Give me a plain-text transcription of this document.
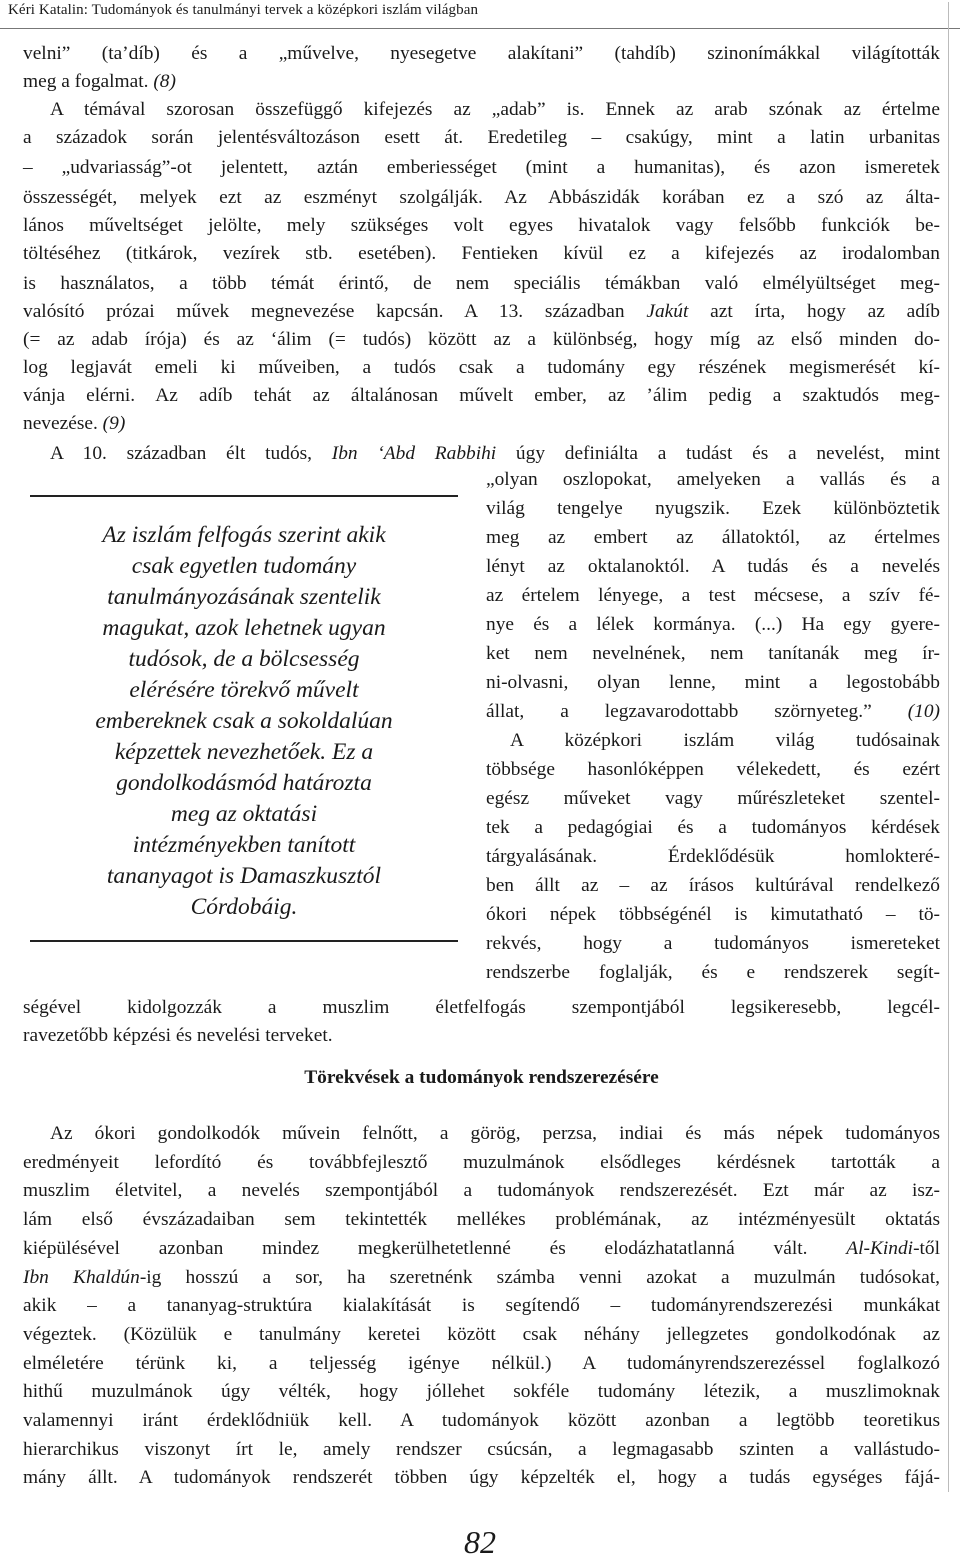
Kéri Katalin: Tudományok és tanulmányi tervek a középkori iszlám világban
velni” (ta’díb) és a „művelve, nyesegetve alakítani” (tahdíb) szinonímákkal világították
meg a fogalmat. (8)
A témával szorosan összefüggő kifejezés az „adab” is. Ennek az arab szónak az értelme
a századok során jelentésváltozáson esett át. Eredetileg – csakúgy, mint a latin urbanitas
– „udvariasság”-ot jelentett, aztán emberiességet (mint a humanitas), és azon ismeretek
összességét, melyek ezt az eszményt szolgálják. Az Abbászidák korában ez a szó az álta-
lános műveltséget jelölte, mely szükséges volt egyes hivatalok vagy felsőbb funkciók be-
töltéséhez (titkárok, vezírek stb. esetében). Fentieken kívül ez a kifejezés az irodalomban
is használatos, a több témát érintő, de nem speciális témákban való elmélyültséget meg-
valósító prózai művek megnevezése kapcsán. A 13. században Jakút azt írta, hogy az adíb
(= az adab írója) és az ‘álim (= tudós) között az a különbség, hogy míg az első minden do-
log legjavát emeli ki műveiben, a tudós csak a tudomány egy részének megismerését kí-
vánja elérni. Az adíb tehát az általánosan művelt ember, az ’álim pedig a szaktudós meg-
nevezése. (9)
A 10. században élt tudós, Ibn ‘Abd Rabbihi úgy definiálta a tudást és a nevelést, mint
„olyan oszlopokat, amelyeken a vallás és a
világ tengelye nyugszik. Ezek különböztetik
meg az embert az állatoktól, az értelmes
lényt az oktalanoktól. A tudás és a nevelés
az értelem lényege, a test mécsese, a szív fé-
nye és a lélek kormánya. (...) Ha egy gyere-
ket nem nevelnének, nem tanítanák meg ír-
ni-olvasni, olyan lenne, mint a legostobább
állat, a legzavarodottabb szörnyeteg.” (10)
A középkori iszlám világ tudósainak
többsége hasonlóképpen vélekedett, és ezért
egész műveket vagy műrészleteket szentel-
tek a pedagógiai és a tudományos kérdések
tárgyalásának. Érdeklődésük homlokteré-
ben állt az – az írásos kultúrával rendelkező
ókori népek többségénél is kimutatható – tö-
rekvés, hogy a tudományos ismereteket
rendszerbe foglalják, és e rendszerek segít-
ségével kidolgozzák a muszlim életfelfogás szempontjából legsikeresebb, legcél-
ravezetőbb képzési és nevelési terveket.
Az iszlám felfogás szerint akik
csak egyetlen tudomány
tanulmányozásának szentelik
magukat, azok lehetnek ugyan
tudósok, de a bölcsesség
elérésére törekvő művelt
embereknek csak a sokoldalúan
képzettek nevezhetőek. Ez a
gondolkodásmód határozta
meg az oktatási
intézményekben tanított
tananyagot is Damaszkusztól
Córdobáig.
Törekvések a tudományok rendszerezésére
Az ókori gondolkodók művein felnőtt, a görög, perzsa, indiai és más népek tudományos
eredményeit lefordító és továbbfejlesztő muzulmánok elsődleges kérdésnek tartották a
muszlim életvitel, a nevelés szempontjából a tudományok rendszerezését. Ezt már az isz-
lám első évszázadaiban sem tekintették mellékes problémának, az intézményesült oktatás
kiépülésével azonban mindez megkerülhetetlenné és elodázhatatlanná vált. Al-Kindi-től
Ibn Khaldún-ig hosszú a sor, ha szeretnénk számba venni azokat a muzulmán tudósokat,
akik – a tananyag-struktúra kialakítását is segítendő – tudományrendszerezési munkákat
végeztek. (Közülük e tanulmány keretei között csak néhány jellegzetes gondolkodónak az
elméletére térünk ki, a teljesség igénye nélkül.) A tudományrendszerezéssel foglalkozó
hithű muzulmánok úgy vélték, hogy jóllehet sokféle tudomány létezik, a muszlimoknak
valamennyi iránt érdeklődniük kell. A tudományok között azonban a legtöbb teoretikus
hierarchikus viszonyt írt le, amely rendszer csúcsán, a legmagasabb szinten a vallástudo-
mány állt. A tudományok rendszerét többen úgy képzelték el, hogy a tudás egységes fájá-
82
